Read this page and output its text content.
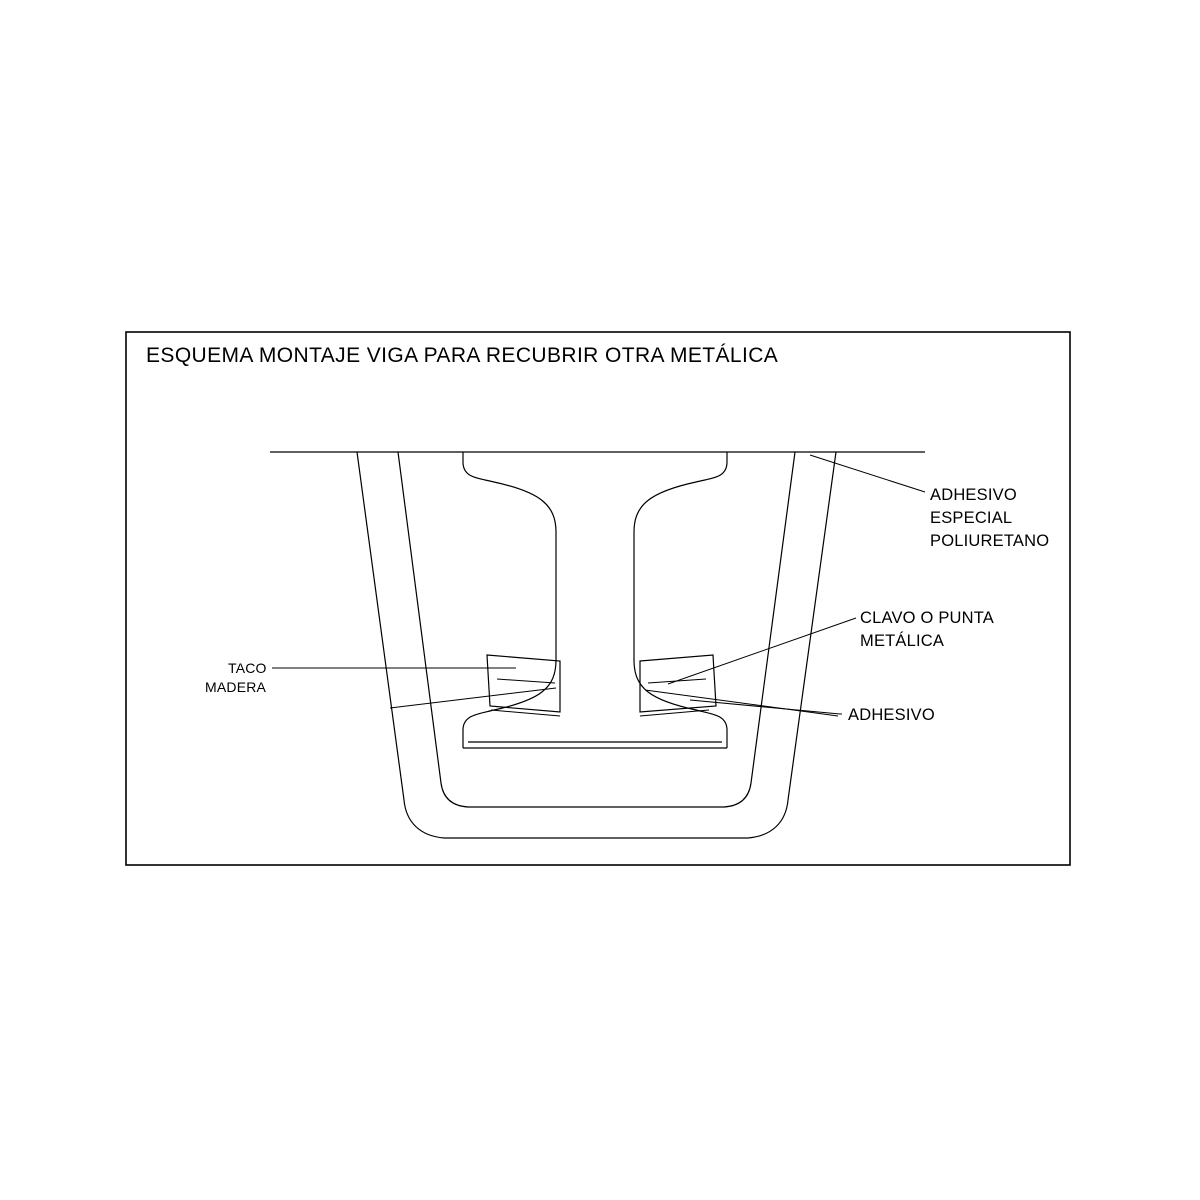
ESQUEMA MONTAJE VIGA PARA RECUBRIR OTRA METÁLICA
ADHESIVO
ESPECIAL
POLIURETANO
CLAVO O PUNTA
METÁLICA
ADHESIVO
TACO
MADERA
